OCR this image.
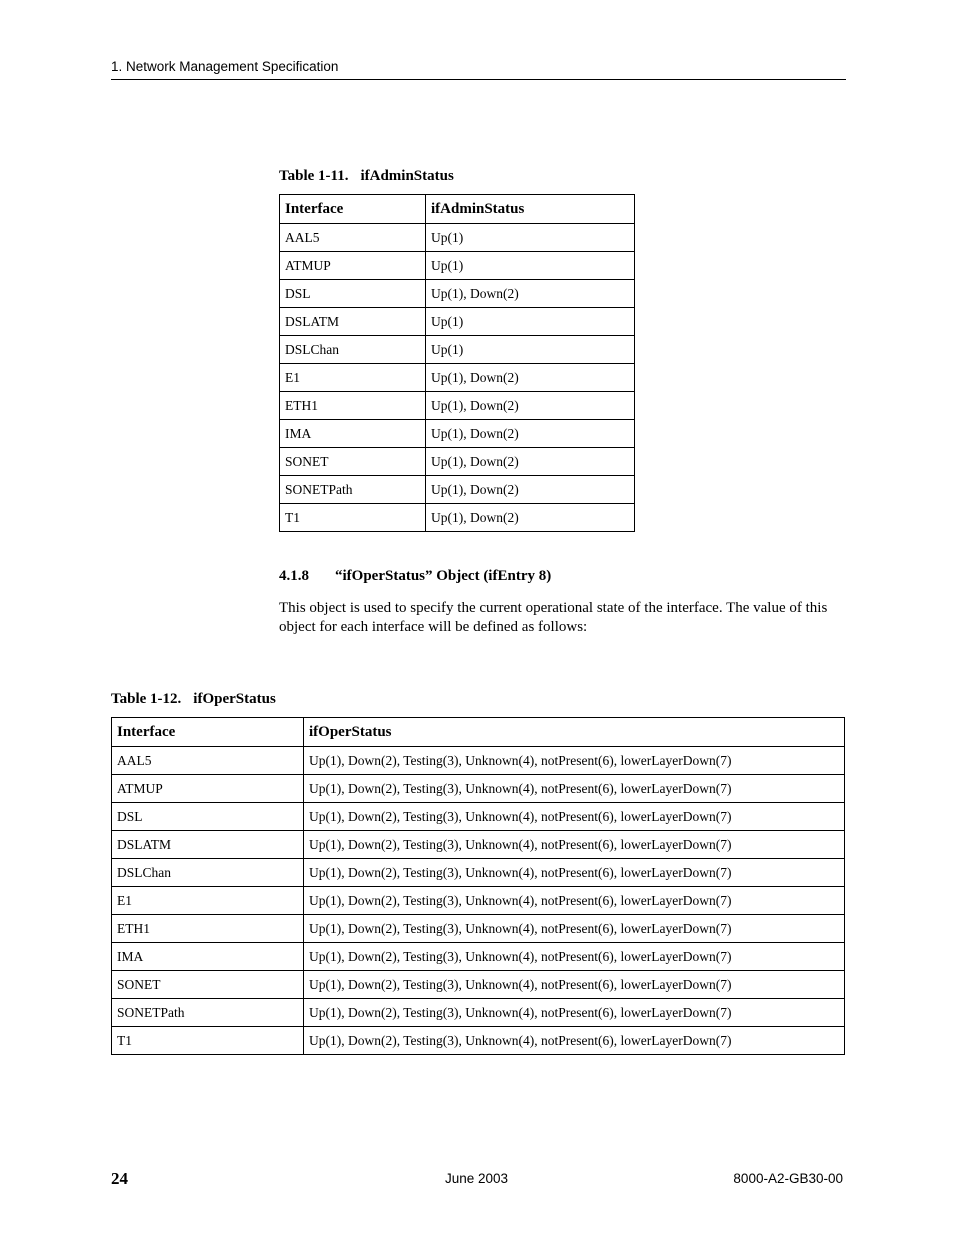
1. Network Management Specification
Table 1-11. ifAdminStatus
Interface	ifAdminStatus
AAL5	Up(1)
ATMUP	Up(1)
DSL	Up(1), Down(2)
DSLATM	Up(1)
DSLChan	Up(1)
E1	Up(1), Down(2)
ETH1	Up(1), Down(2)
IMA	Up(1), Down(2)
SONET	Up(1), Down(2)
SONETPath	Up(1), Down(2)
T1	Up(1), Down(2)
4.1.8 “ifOperStatus” Object (ifEntry 8)
This object is used to specify the current operational state of the interface. The value of this object for each interface will be defined as follows:
Table 1-12. ifOperStatus
Interface	ifOperStatus
AAL5	Up(1), Down(2), Testing(3), Unknown(4), notPresent(6), lowerLayerDown(7)
ATMUP	Up(1), Down(2), Testing(3), Unknown(4), notPresent(6), lowerLayerDown(7)
DSL	Up(1), Down(2), Testing(3), Unknown(4), notPresent(6), lowerLayerDown(7)
DSLATM	Up(1), Down(2), Testing(3), Unknown(4), notPresent(6), lowerLayerDown(7)
DSLChan	Up(1), Down(2), Testing(3), Unknown(4), notPresent(6), lowerLayerDown(7)
E1	Up(1), Down(2), Testing(3), Unknown(4), notPresent(6), lowerLayerDown(7)
ETH1	Up(1), Down(2), Testing(3), Unknown(4), notPresent(6), lowerLayerDown(7)
IMA	Up(1), Down(2), Testing(3), Unknown(4), notPresent(6), lowerLayerDown(7)
SONET	Up(1), Down(2), Testing(3), Unknown(4), notPresent(6), lowerLayerDown(7)
SONETPath	Up(1), Down(2), Testing(3), Unknown(4), notPresent(6), lowerLayerDown(7)
T1	Up(1), Down(2), Testing(3), Unknown(4), notPresent(6), lowerLayerDown(7)
24	June 2003	8000-A2-GB30-00
